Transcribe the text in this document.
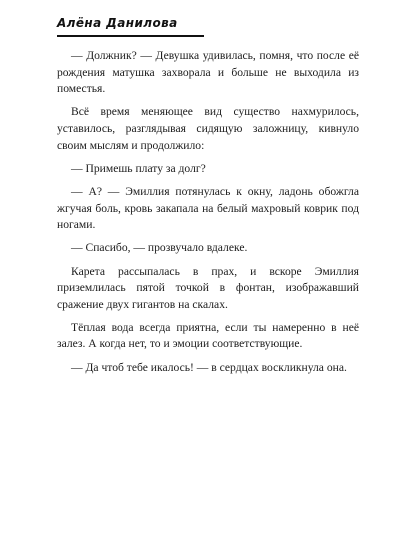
Алёна Данилова

— Должник? — Девушка удивилась, помня, что после её рождения матушка захворала и больше не выходила из поместья.

Всё время меняющее вид существо нахмурилось, уставилось, разглядывая сидящую заложницу, кивнуло своим мыслям и продолжило:

— Примешь плату за долг?

— А? — Эмиллия потянулась к окну, ладонь обожгла жгучая боль, кровь закапала на белый махровый коврик под ногами.

— Спасибо, — прозвучало вдалеке.

Карета рассыпалась в прах, и вскоре Эмиллия приземлилась пятой точкой в фонтан, изображавший сражение двух гигантов на скалах.

Тёплая вода всегда приятна, если ты намеренно в неё залез. А когда нет, то и эмоции соответствующие.

— Да чтоб тебе икалось! — в сердцах воскликнула она.
